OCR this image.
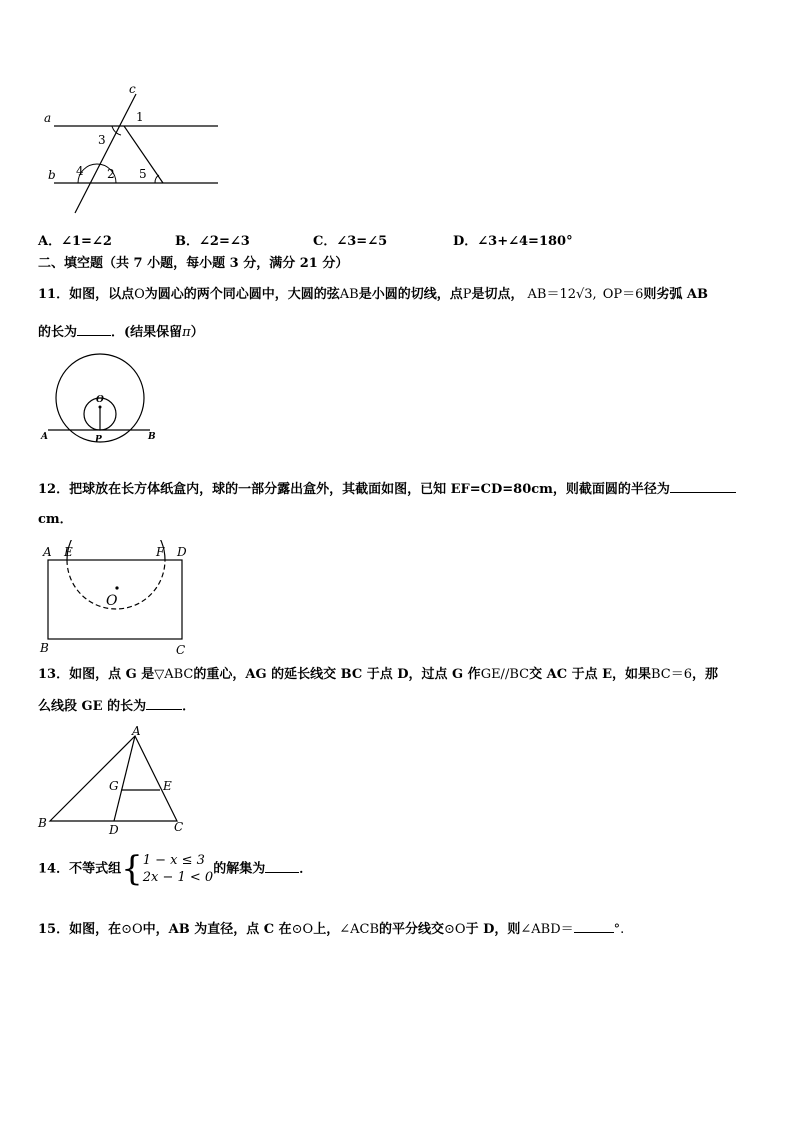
a
b
c
1
2
3
4	5
A．∠1=∠2	B．∠2=∠3	C．∠3=∠5	D．∠3+∠4=180°
二、填空题（共 7 小题，每小题 3 分，满分 21 分）
11．如图，以点O为圆心的两个同心圆中，大圆的弦AB是小圆的切线，点P是切点， AB＝12√3, OP＝6则劣弧 AB
的长为	．(结果保留π）
O
A	B
P
12．把球放在长方体纸盒内，球的一部分露出盒外，其截面如图，已知 EF=CD=80cm，则截面圆的半径为
cm．
A E	F D
O
B	C
13．如图，点 G 是▽ABC的重心，AG 的延长线交 BC 于点 D，过点 G 作GE//BC交 AC 于点 E，如果BC＝6，那
么线段 GE 的长为	．
A
G	E
B	D	C
14．不等式组{1 − x ≤ 3
2x − 1 < 0的解集为	．
15．如图，在⊙O中，AB 为直径，点 C 在⊙O上，∠ACB的平分线交⊙O于 D，则∠ABD＝	°.
